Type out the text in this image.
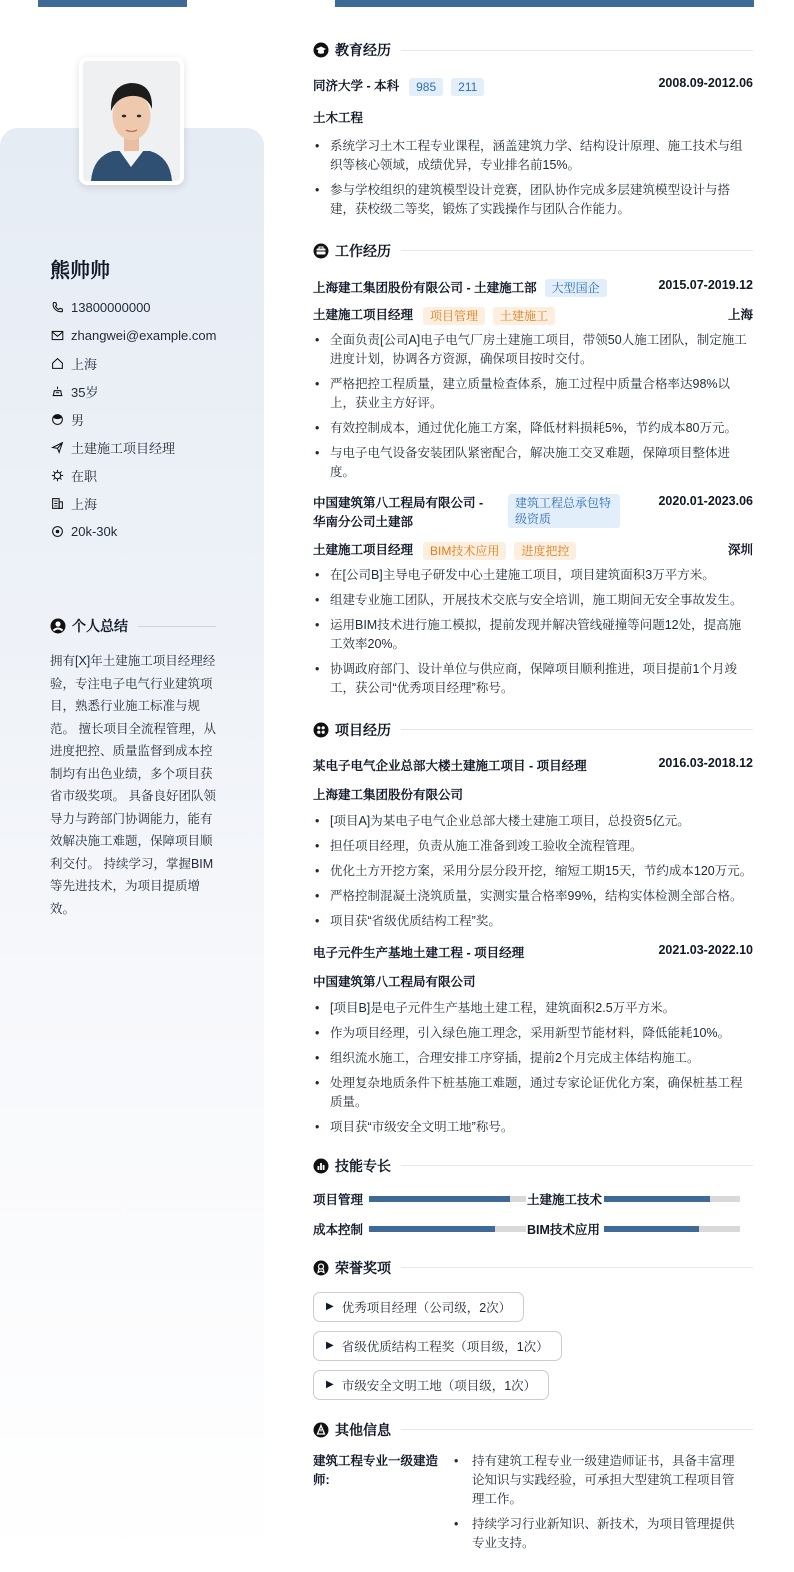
熊帅帅
13800000000
zhangwei@example.com
上海
35岁
男
土建施工项目经理
在职
上海
20k-30k
个人总结
拥有[X]年土建施工项目经理经验，专注电子电气行业建筑项目，熟悉行业施工标准与规范。 擅长项目全流程管理，从进度把控、质量监督到成本控制均有出色业绩，多个项目获省市级奖项。 具备良好团队领导力与跨部门协调能力，能有效解决施工难题，保障项目顺利交付。 持续学习，掌握BIM等先进技术，为项目提质增效。
教育经历
同济大学 - 本科 985 211	2008.09-2012.06
土木工程
• 系统学习土木工程专业课程，涵盖建筑力学、结构设计原理、施工技术与组织等核心领域，成绩优异，专业排名前15%。
• 参与学校组织的建筑模型设计竞赛，团队协作完成多层建筑模型设计与搭建，获校级二等奖，锻炼了实践操作与团队合作能力。
工作经历
上海建工集团股份有限公司 - 土建施工部 大型国企	2015.07-2019.12
土建施工项目经理 项目管理 土建施工	上海
• 全面负责[公司A]电子电气厂房土建施工项目，带领50人施工团队，制定施工进度计划，协调各方资源，确保项目按时交付。
• 严格把控工程质量，建立质量检查体系，施工过程中质量合格率达98%以上，获业主方好评。
• 有效控制成本，通过优化施工方案，降低材料损耗5%，节约成本80万元。
• 与电子电气设备安装团队紧密配合，解决施工交叉难题，保障项目整体进度。
中国建筑第八工程局有限公司 - 华南分公司土建部
建筑工程总承包特级资质
2020.01-2023.06
土建施工项目经理 BIM技术应用 进度把控	深圳
• 在[公司B]主导电子研发中心土建施工项目，项目建筑面积3万平方米。
• 组建专业施工团队，开展技术交底与安全培训，施工期间无安全事故发生。
• 运用BIM技术进行施工模拟，提前发现并解决管线碰撞等问题12处，提高施工效率20%。
• 协调政府部门、设计单位与供应商，保障项目顺利推进，项目提前1个月竣工，获公司“优秀项目经理”称号。
项目经历
某电子电气企业总部大楼土建施工项目 - 项目经理	2016.03-2018.12
上海建工集团股份有限公司
• [项目A]为某电子电气企业总部大楼土建施工项目，总投资5亿元。
• 担任项目经理，负责从施工准备到竣工验收全流程管理。
• 优化土方开挖方案，采用分层分段开挖，缩短工期15天，节约成本120万元。
• 严格控制混凝土浇筑质量，实测实量合格率99%，结构实体检测全部合格。
• 项目获“省级优质结构工程”奖。
电子元件生产基地土建工程 - 项目经理	2021.03-2022.10
中国建筑第八工程局有限公司
• [项目B]是电子元件生产基地土建工程，建筑面积2.5万平方米。
• 作为项目经理，引入绿色施工理念，采用新型节能材料，降低能耗10%。
• 组织流水施工，合理安排工序穿插，提前2个月完成主体结构施工。
• 处理复杂地质条件下桩基施工难题，通过专家论证优化方案，确保桩基工程质量。
• 项目获“市级安全文明工地”称号。
技能专长
项目管理	土建施工技术
成本控制	BIM技术应用
荣誉奖项
▶ 优秀项目经理（公司级，2次）
▶ 省级优质结构工程奖（项目级，1次）
▶ 市级安全文明工地（项目级，1次）
其他信息
建筑工程专业一级建造师:
• 持有建筑工程专业一级建造师证书，具备丰富理论知识与实践经验，可承担大型建筑工程项目管理工作。
• 持续学习行业新知识、新技术，为项目管理提供专业支持。
